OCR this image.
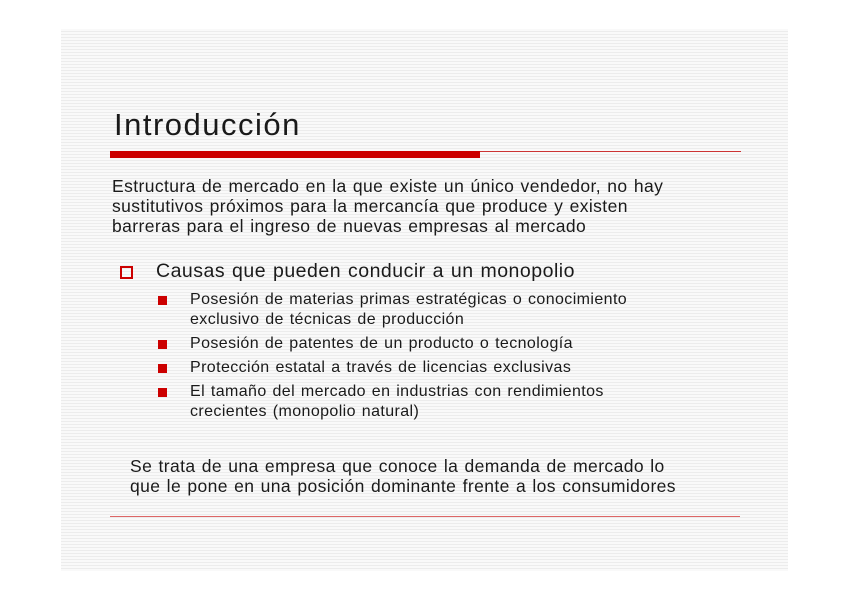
Introducción

Estructura de mercado en la que existe un único vendedor, no hay
sustitutivos próximos para la mercancía que produce y existen
barreras para el ingreso de nuevas empresas al mercado

Causas que pueden conducir a un monopolio
Posesión de materias primas estratégicas o conocimiento
exclusivo de técnicas de producción
Posesión de patentes de un producto o tecnología
Protección estatal a través de licencias exclusivas
El tamaño del mercado en industrias con rendimientos
crecientes (monopolio natural)

Se trata de una empresa que conoce la demanda de mercado lo
que le pone en una posición dominante frente a los consumidores
